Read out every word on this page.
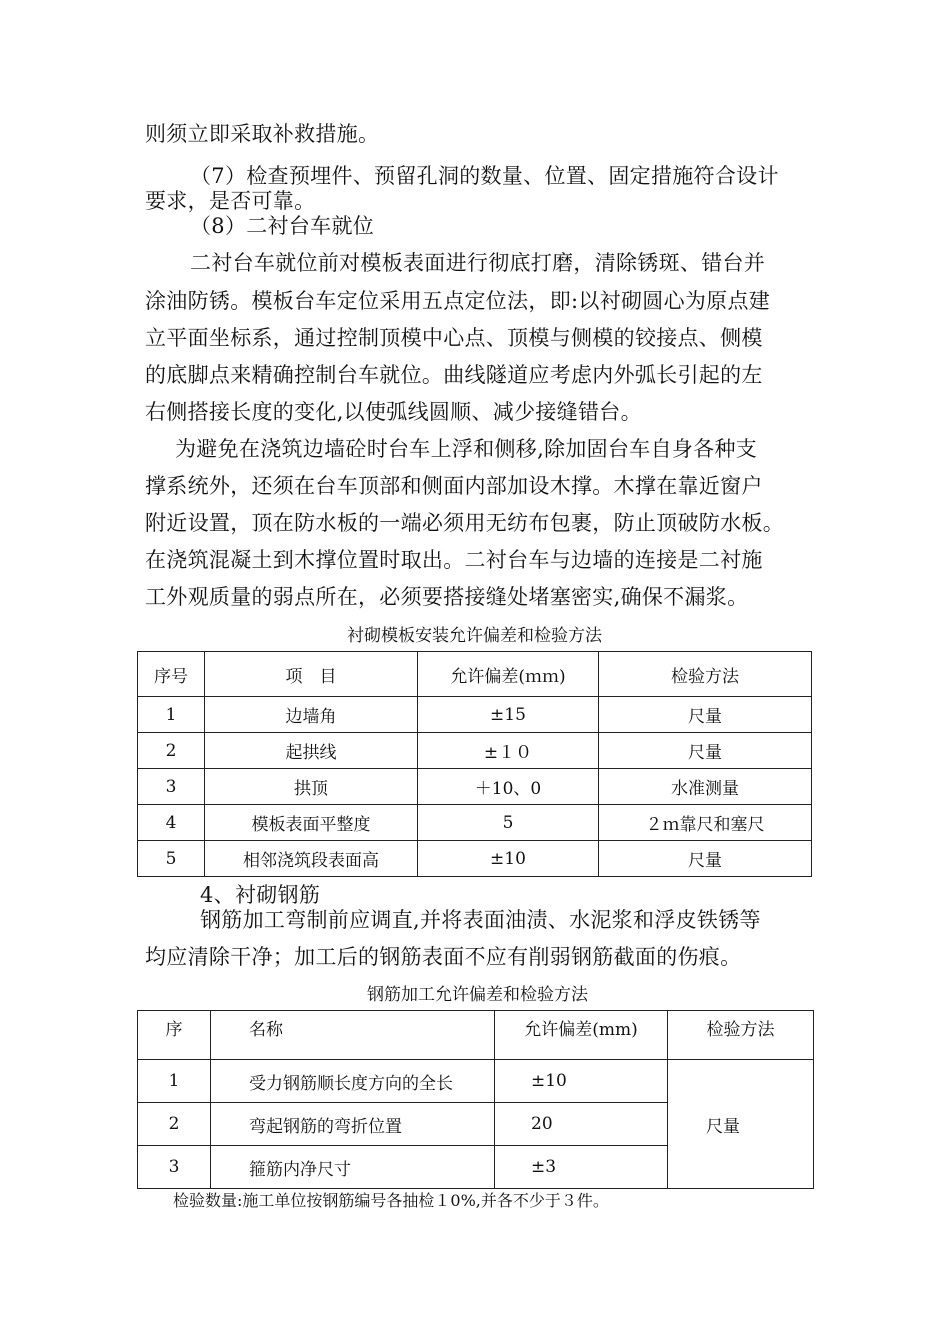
则须立即采取补救措施。
（7）检查预埋件、预留孔洞的数量、位置、固定措施符合设计
要求，是否可靠。
（8）二衬台车就位
二衬台车就位前对模板表面进行彻底打磨，清除锈斑、错台并
涂油防锈。模板台车定位采用五点定位法，即:以衬砌圆心为原点建
立平面坐标系，通过控制顶模中心点、顶模与侧模的铰接点、侧模
的底脚点来精确控制台车就位。曲线隧道应考虑内外弧长引起的左
右侧搭接长度的变化,以使弧线圆顺、减少接缝错台。
为避免在浇筑边墙砼时台车上浮和侧移,除加固台车自身各种支
撑系统外，还须在台车顶部和侧面内部加设木撑。木撑在靠近窗户
附近设置，顶在防水板的一端必须用无纺布包裹，防止顶破防水板。
在浇筑混凝土到木撑位置时取出。二衬台车与边墙的连接是二衬施
工外观质量的弱点所在，必须要搭接缝处堵塞密实,确保不漏浆。
衬砌模板安装允许偏差和检验方法
序号	项　目	允许偏差(ｍｍ)	检验方法
1	边墙角	±15	尺量
2	起拱线	±１０	尺量
3	拱顶	＋10、0	水准测量
4	模板表面平整度	5	２ｍ靠尺和塞尺
5	相邻浇筑段表面高	±10	尺量
4、衬砌钢筋
钢筋加工弯制前应调直,并将表面油渍、水泥浆和浮皮铁锈等
均应清除干净；加工后的钢筋表面不应有削弱钢筋截面的伤痕。
钢筋加工允许偏差和检验方法
序	名称	允许偏差(mm)	检验方法
1	受力钢筋顺长度方向的全长	±10	尺量
2	弯起钢筋的弯折位置	20	
3	箍筋内净尺寸	±3	
检验数量:施工单位按钢筋编号各抽检１0%,并各不少于３件。
